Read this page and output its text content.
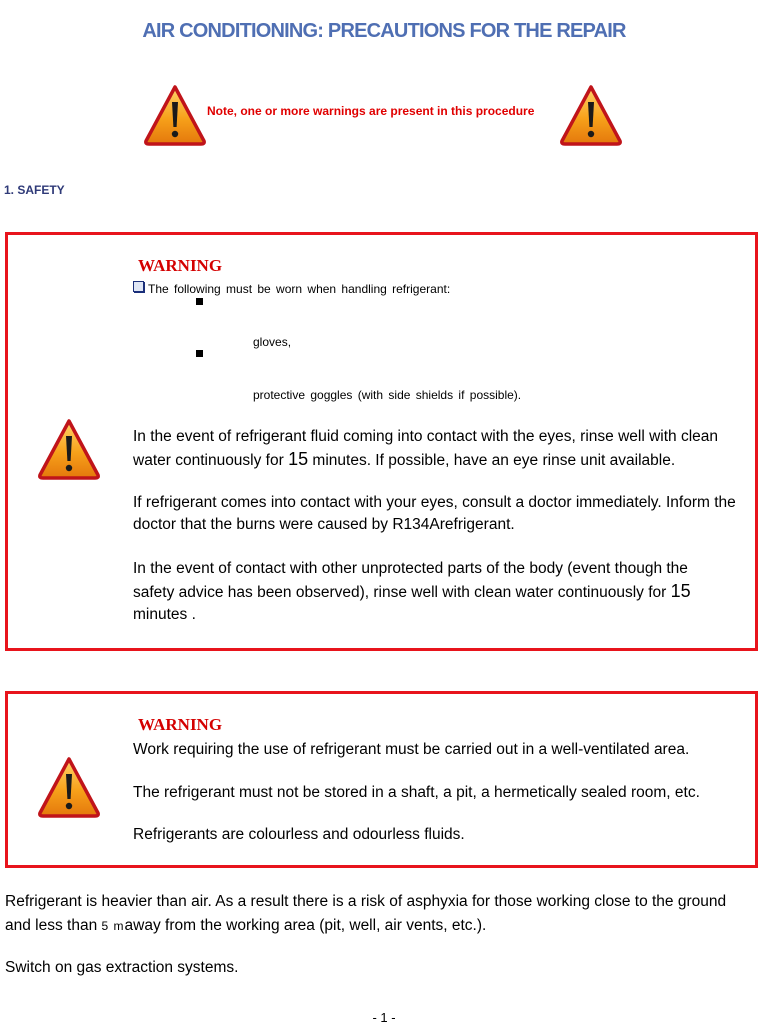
AIR CONDITIONING: PRECAUTIONS FOR THE REPAIR
Note, one or more warnings are present in this procedure
1. SAFETY
WARNING
The following must be worn when handling refrigerant:
gloves,
protective goggles (with side shields if possible).
In the event of refrigerant fluid coming into contact with the eyes, rinse well with clean water continuously for 15 minutes. If possible, have an eye rinse unit available.
If refrigerant comes into contact with your eyes, consult a doctor immediately. Inform the doctor that the burns were caused by R134Arefrigerant.
In the event of contact with other unprotected parts of the body (event though the safety advice has been observed), rinse well with clean water continuously for 15
minutes .
WARNING
Work requiring the use of refrigerant must be carried out in a well-ventilated area.
The refrigerant must not be stored in a shaft, a pit, a hermetically sealed room, etc.
Refrigerants are colourless and odourless fluids.
Refrigerant is heavier than air. As a result there is a risk of asphyxia for those working close to the ground and less than 5 maway from the working area (pit, well, air vents, etc.).
Switch on gas extraction systems.
- 1 -
